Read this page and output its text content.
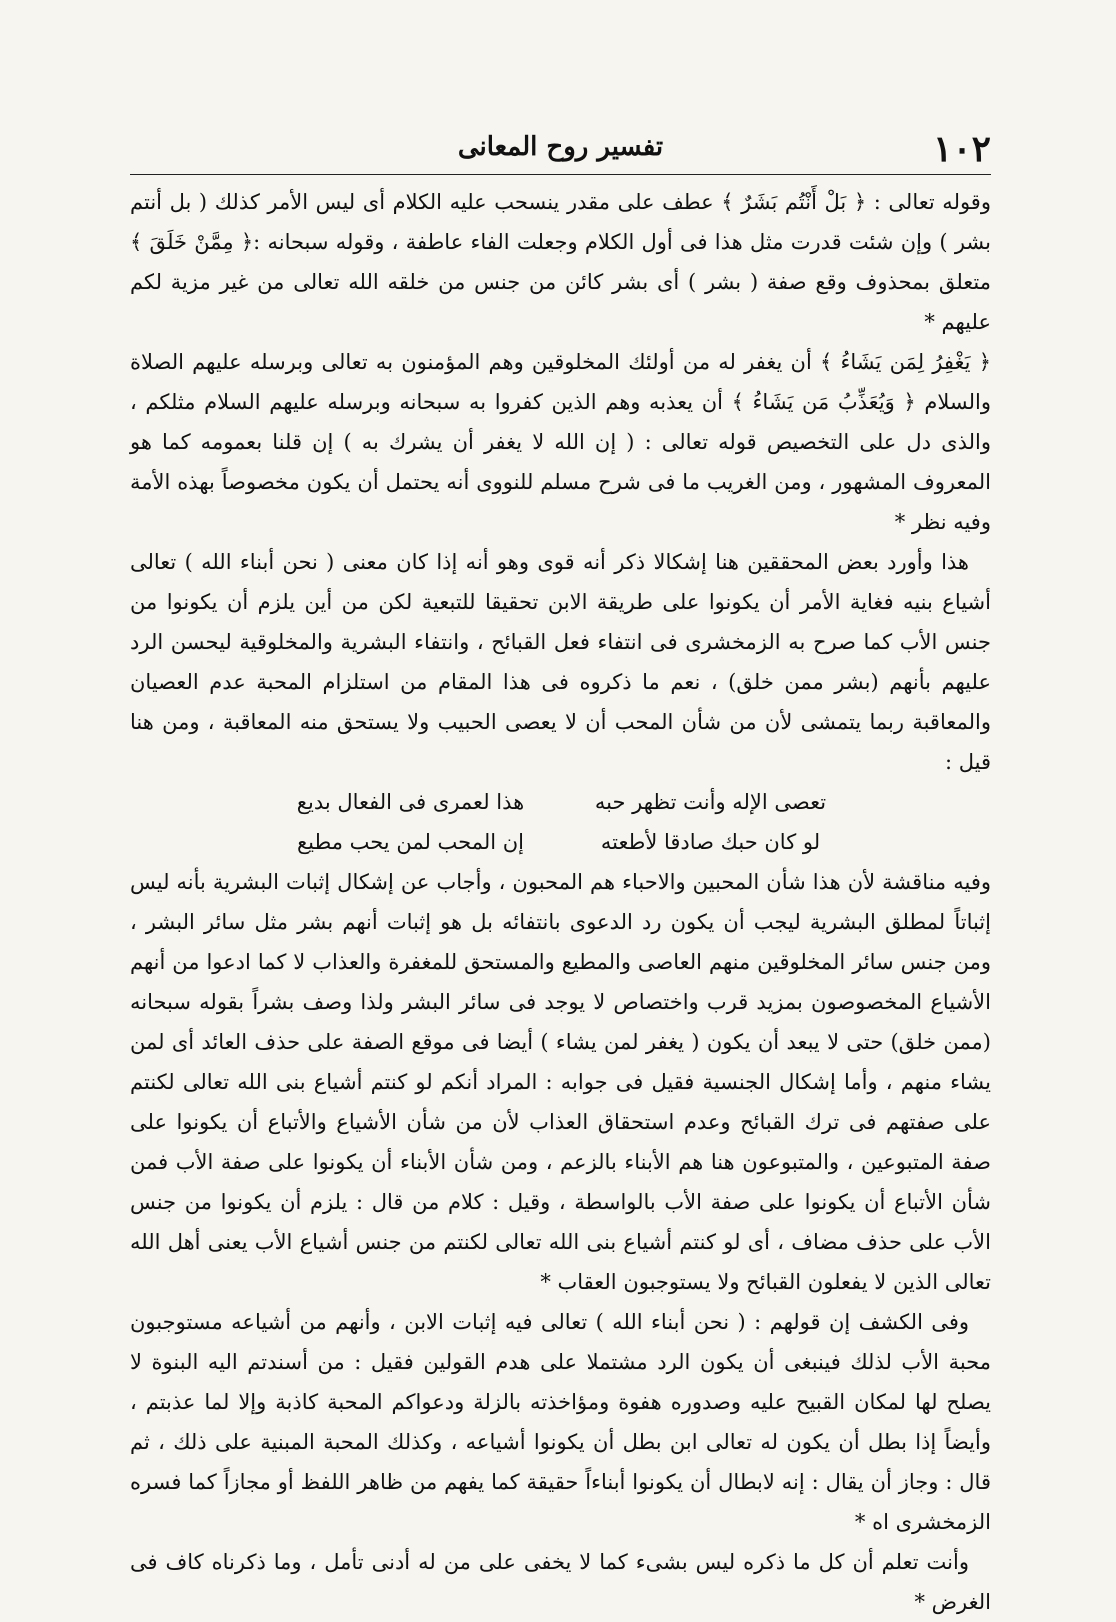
١٠٢
تفسير روح المعانى

وقوله تعالى : ﴿ بَلْ أَنْتُم بَشَرٌ ﴾ عطف على مقدر ينسحب عليه الكلام أى ليس الأمر كذلك ( بل أنتم بشر ) وإن شئت قدرت مثل هذا فى أول الكلام وجعلت الفاء عاطفة ، وقوله سبحانه :﴿ مِمَّنْ خَلَقَ ﴾ متعلق بمحذوف وقع صفة ( بشر ) أى بشر كائن من جنس من خلقه الله تعالى من غير مزية لكم عليهم *

﴿ يَغْفِرُ لِمَن يَشَاءُ ﴾ أن يغفر له من أولئك المخلوقين وهم المؤمنون به تعالى وبرسله عليهم الصلاة والسلام ﴿ وَيُعَذِّبُ مَن يَشَاءُ ﴾ أن يعذبه وهم الذين كفروا به سبحانه وبرسله عليهم السلام مثلكم ، والذى دل على التخصيص قوله تعالى : ( إن الله لا يغفر أن يشرك به ) إن قلنا بعمومه كما هو المعروف المشهور ، ومن الغريب ما فى شرح مسلم للنووى أنه يحتمل أن يكون مخصوصاً بهذه الأمة وفيه نظر *

هذا وأورد بعض المحققين هنا إشكالا ذكر أنه قوى وهو أنه إذا كان معنى ( نحن أبناء الله ) تعالى أشياع بنيه فغاية الأمر أن يكونوا على طريقة الابن تحقيقا للتبعية لكن من أين يلزم أن يكونوا من جنس الأب كما صرح به الزمخشرى فى انتفاء فعل القبائح ، وانتفاء البشرية والمخلوقية ليحسن الرد عليهم بأنهم (بشر ممن خلق) ، نعم ما ذكروه فى هذا المقام من استلزام المحبة عدم العصيان والمعاقبة ربما يتمشى لأن من شأن المحب أن لا يعصى الحبيب ولا يستحق منه المعاقبة ، ومن هنا قيل :

تعصى الإله وأنت تظهر حبه
هذا لعمرى فى الفعال بديع
لو كان حبك صادقا لأطعته
إن المحب لمن يحب مطيع

وفيه مناقشة لأن هذا شأن المحبين والاحباء هم المحبون ، وأجاب عن إشكال إثبات البشرية بأنه ليس إثباتاً لمطلق البشرية ليجب أن يكون رد الدعوى بانتفائه بل هو إثبات أنهم بشر مثل سائر البشر ، ومن جنس سائر المخلوقين منهم العاصى والمطيع والمستحق للمغفرة والعذاب لا كما ادعوا من أنهم الأشياع المخصوصون بمزيد قرب واختصاص لا يوجد فى سائر البشر ولذا وصف بشراً بقوله سبحانه (ممن خلق) حتى لا يبعد أن يكون ( يغفر لمن يشاء ) أيضا فى موقع الصفة على حذف العائد أى لمن يشاء منهم ، وأما إشكال الجنسية فقيل فى جوابه : المراد أنكم لو كنتم أشياع بنى الله تعالى لكنتم على صفتهم فى ترك القبائح وعدم استحقاق العذاب لأن من شأن الأشياع والأتباع أن يكونوا على صفة المتبوعين ، والمتبوعون هنا هم الأبناء بالزعم ، ومن شأن الأبناء أن يكونوا على صفة الأب فمن شأن الأتباع أن يكونوا على صفة الأب بالواسطة ، وقيل : كلام من قال : يلزم أن يكونوا من جنس الأب على حذف مضاف ، أى لو كنتم أشياع بنى الله تعالى لكنتم من جنس أشياع الأب يعنى أهل الله تعالى الذين لا يفعلون القبائح ولا يستوجبون العقاب *

وفى الكشف إن قولهم : ( نحن أبناء الله ) تعالى فيه إثبات الابن ، وأنهم من أشياعه مستوجبون محبة الأب لذلك فينبغى أن يكون الرد مشتملا على هدم القولين فقيل : من أسندتم اليه البنوة لا يصلح لها لمكان القبيح عليه وصدوره هفوة ومؤاخذته بالزلة ودعواكم المحبة كاذبة وإلا لما عذبتم ، وأيضاً إذا بطل أن يكون له تعالى ابن بطل أن يكونوا أشياعه ، وكذلك المحبة المبنية على ذلك ، ثم قال : وجاز أن يقال : إنه لابطال أن يكونوا أبناءاً حقيقة كما يفهم من ظاهر اللفظ أو مجازاً كما فسره الزمخشرى اه *

وأنت تعلم أن كل ما ذكره ليس بشىء كما لا يخفى على من له أدنى تأمل ، وما ذكرناه كاف فى الغرض *
